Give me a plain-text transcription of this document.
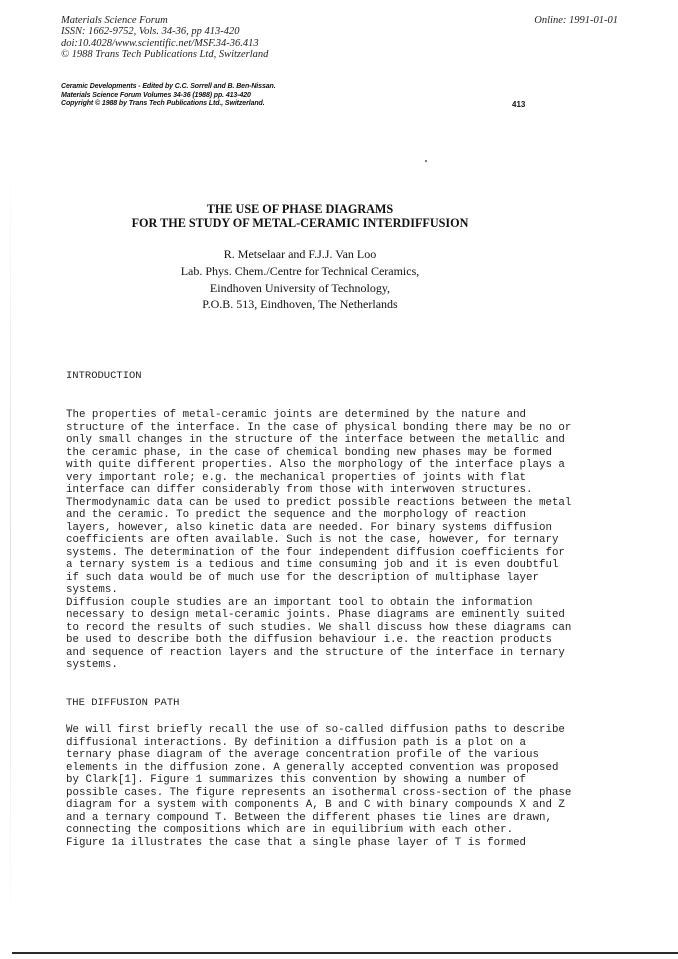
Materials Science Forum
ISSN: 1662-9752, Vols. 34-36, pp 413-420
doi:10.4028/www.scientific.net/MSF.34-36.413
© 1988 Trans Tech Publications Ltd, Switzerland
Online: 1991-01-01
Ceramic Developments - Edited by C.C. Sorrell and B. Ben-Nissan.
Materials Science Forum Volumes 34-36 (1988) pp. 413-420
Copyright © 1988 by Trans Tech Publications Ltd., Switzerland.	413
THE USE OF PHASE DIAGRAMS
FOR THE STUDY OF METAL-CERAMIC INTERDIFFUSION
R. Metselaar and F.J.J. Van Loo
Lab. Phys. Chem./Centre for Technical Ceramics,
Eindhoven University of Technology,
P.O.B. 513, Eindhoven, The Netherlands
INTRODUCTION
The properties of metal-ceramic joints are determined by the nature and
structure of the interface. In the case of physical bonding there may be no or
only small changes in the structure of the interface between the metallic and
the ceramic phase, in the case of chemical bonding new phases may be formed
with quite different properties. Also the morphology of the interface plays a
very important role; e.g. the mechanical properties of joints with flat
interface can differ considerably from those with interwoven structures.
Thermodynamic data can be used to predict possible reactions between the metal
and the ceramic. To predict the sequence and the morphology of reaction
layers, however, also kinetic data are needed. For binary systems diffusion
coefficients are often available. Such is not the case, however, for ternary
systems. The determination of the four independent diffusion coefficients for
a ternary system is a tedious and time consuming job and it is even doubtful
if such data would be of much use for the description of multiphase layer
systems.
Diffusion couple studies are an important tool to obtain the information
necessary to design metal-ceramic joints. Phase diagrams are eminently suited
to record the results of such studies. We shall discuss how these diagrams can
be used to describe both the diffusion behaviour i.e. the reaction products
and sequence of reaction layers and the structure of the interface in ternary
systems.
THE DIFFUSION PATH
We will first briefly recall the use of so-called diffusion paths to describe
diffusional interactions. By definition a diffusion path is a plot on a
ternary phase diagram of the average concentration profile of the various
elements in the diffusion zone. A generally accepted convention was proposed
by Clark[1]. Figure 1 summarizes this convention by showing a number of
possible cases. The figure represents an isothermal cross-section of the phase
diagram for a system with components A, B and C with binary compounds X and Z
and a ternary compound T. Between the different phases tie lines are drawn,
connecting the compositions which are in equilibrium with each other.
Figure 1a illustrates the case that a single phase layer of T is formed
